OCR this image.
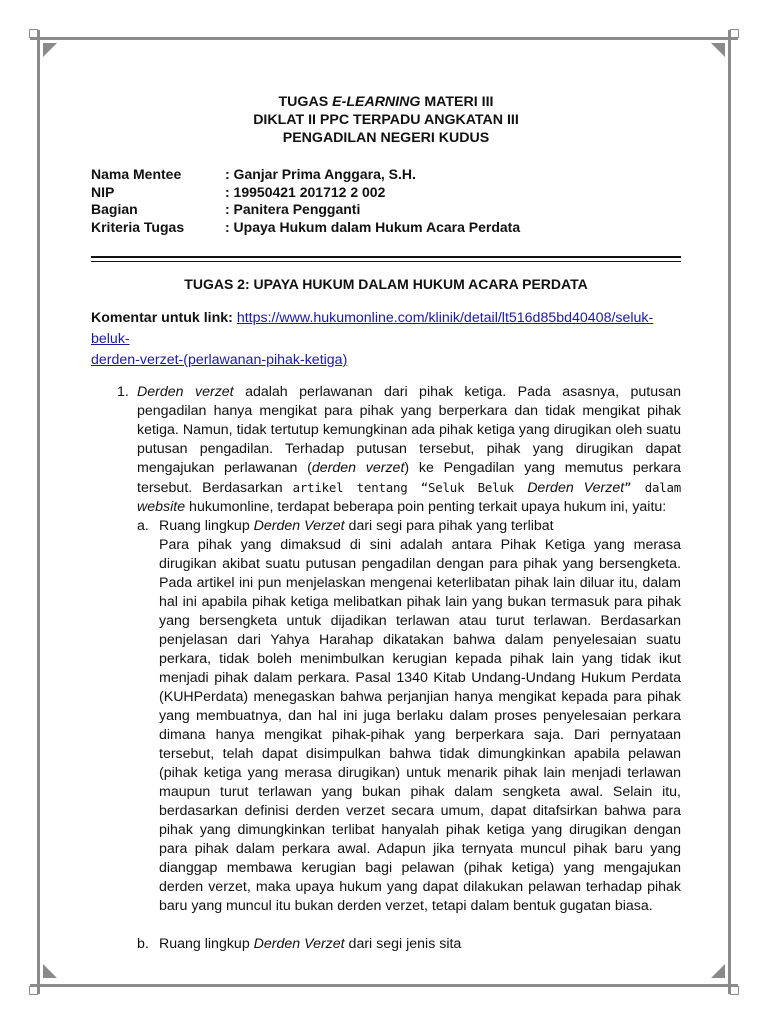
TUGAS E-LEARNING MATERI III
DIKLAT II PPC TERPADU ANGKATAN III
PENGADILAN NEGERI KUDUS
Nama Mentee	: Ganjar Prima Anggara, S.H.
NIP	: 19950421 201712 2 002
Bagian	: Panitera Pengganti
Kriteria Tugas	: Upaya Hukum dalam Hukum Acara Perdata
TUGAS 2: UPAYA HUKUM DALAM HUKUM ACARA PERDATA
Komentar untuk link: https://www.hukumonline.com/klinik/detail/lt516d85bd40408/seluk-beluk-
derden-verzet-(perlawanan-pihak-ketiga)
1. Derden verzet adalah perlawanan dari pihak ketiga. Pada asasnya, putusan pengadilan hanya mengikat para pihak yang berperkara dan tidak mengikat pihak ketiga. Namun, tidak tertutup kemungkinan ada pihak ketiga yang dirugikan oleh suatu putusan pengadilan. Terhadap putusan tersebut, pihak yang dirugikan dapat mengajukan perlawanan (derden verzet) ke Pengadilan yang memutus perkara tersebut. Berdasarkan artikel tentang “Seluk Beluk Derden Verzet” dalam website hukumonline, terdapat beberapa poin penting terkait upaya hukum ini, yaitu:
a. Ruang lingkup Derden Verzet dari segi para pihak yang terlibat
Para pihak yang dimaksud di sini adalah antara Pihak Ketiga yang merasa dirugikan akibat suatu putusan pengadilan dengan para pihak yang bersengketa. Pada artikel ini pun menjelaskan mengenai keterlibatan pihak lain diluar itu, dalam hal ini apabila pihak ketiga melibatkan pihak lain yang bukan termasuk para pihak yang bersengketa untuk dijadikan terlawan atau turut terlawan. Berdasarkan penjelasan dari Yahya Harahap dikatakan bahwa dalam penyelesaian suatu perkara, tidak boleh menimbulkan kerugian kepada pihak lain yang tidak ikut menjadi pihak dalam perkara. Pasal 1340 Kitab Undang-Undang Hukum Perdata (KUHPerdata) menegaskan bahwa perjanjian hanya mengikat kepada para pihak yang membuatnya, dan hal ini juga berlaku dalam proses penyelesaian perkara dimana hanya mengikat pihak-pihak yang berperkara saja. Dari pernyataan tersebut, telah dapat disimpulkan bahwa tidak dimungkinkan apabila pelawan (pihak ketiga yang merasa dirugikan) untuk menarik pihak lain menjadi terlawan maupun turut terlawan yang bukan pihak dalam sengketa awal. Selain itu, berdasarkan definisi derden verzet secara umum, dapat ditafsirkan bahwa para pihak yang dimungkinkan terlibat hanyalah pihak ketiga yang dirugikan dengan para pihak dalam perkara awal. Adapun jika ternyata muncul pihak baru yang dianggap membawa kerugian bagi pelawan (pihak ketiga) yang mengajukan derden verzet, maka upaya hukum yang dapat dilakukan pelawan terhadap pihak baru yang muncul itu bukan derden verzet, tetapi dalam bentuk gugatan biasa.
b. Ruang lingkup Derden Verzet dari segi jenis sita
